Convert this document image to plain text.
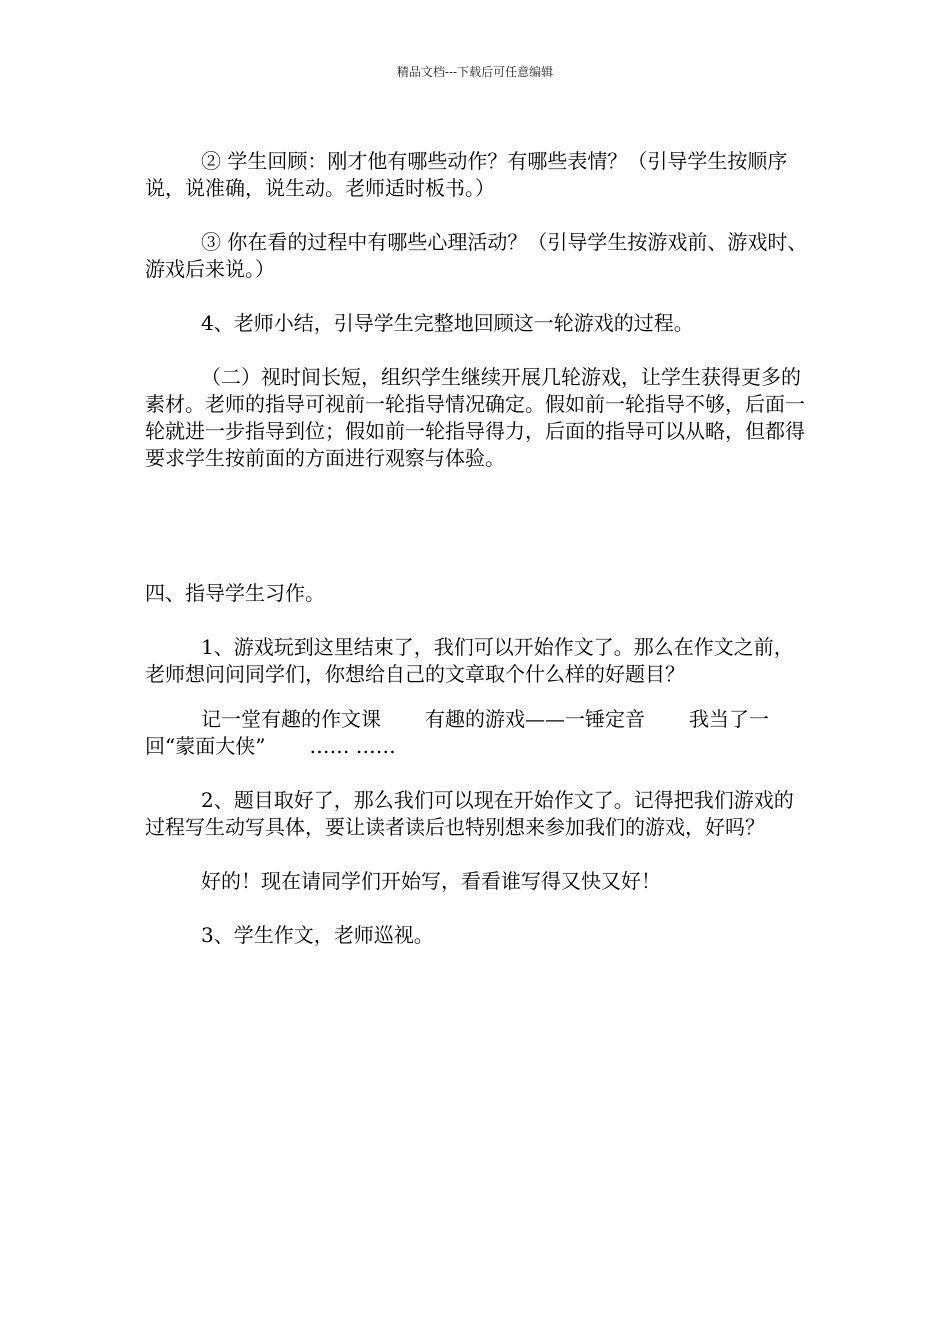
精品文档---下载后可任意编辑

② 学生回顾：刚才他有哪些动作？有哪些表情？（引导学生按顺序说，说准确，说生动。老师适时板书。）

③ 你在看的过程中有哪些心理活动？（引导学生按游戏前、游戏时、游戏后来说。）

4、老师小结，引导学生完整地回顾这一轮游戏的过程。

（二）视时间长短，组织学生继续开展几轮游戏，让学生获得更多的素材。老师的指导可视前一轮指导情况确定。假如前一轮指导不够，后面一轮就进一步指导到位；假如前一轮指导得力，后面的指导可以从略，但都得要求学生按前面的方面进行观察与体验。

四、指导学生习作。

1、游戏玩到这里结束了，我们可以开始作文了。那么在作文之前，老师想问问同学们，你想给自己的文章取个什么样的好题目？

记一堂有趣的作文课 有趣的游戏——一锤定音 我当了一回“蒙面大侠” …… ……

2、题目取好了，那么我们可以现在开始作文了。记得把我们游戏的过程写生动写具体，要让读者读后也特别想来参加我们的游戏，好吗？

好的！现在请同学们开始写，看看谁写得又快又好！

3、学生作文，老师巡视。
